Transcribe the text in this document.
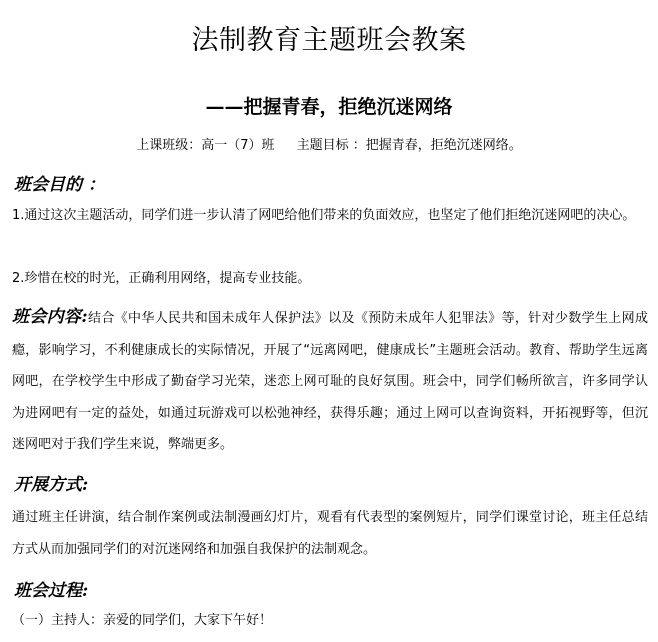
法制教育主题班会教案
——把握青春，拒绝沉迷网络
上课班级：高一（7）班 主题目标 ：把握青春，拒绝沉迷网络。
班会目的 ：
1.通过这次主题活动，同学们进一步认清了网吧给他们带来的负面效应，也坚定了他们拒绝沉迷网吧的决心。
2.珍惜在校的时光，正确利用网络，提高专业技能。
班会内容:结合《中华人民共和国未成年人保护法》以及《预防未成年人犯罪法》等，针对少数学生上网成瘾，影响学习，不利健康成长的实际情况，开展了“远离网吧，健康成长”主题班会活动。教育、帮助学生远离网吧，在学校学生中形成了勤奋学习光荣，迷恋上网可耻的良好氛围。班会中，同学们畅所欲言，许多同学认为进网吧有一定的益处，如通过玩游戏可以松弛神经，获得乐趣；通过上网可以查询资料，开拓视野等，但沉迷网吧对于我们学生来说，弊端更多。
开展方式:
通过班主任讲演，结合制作案例或法制漫画幻灯片，观看有代表型的案例短片，同学们课堂讨论，班主任总结方式从而加强同学们的对沉迷网络和加强自我保护的法制观念。
班会过程:
（一）主持人：亲爱的同学们，大家下午好！
